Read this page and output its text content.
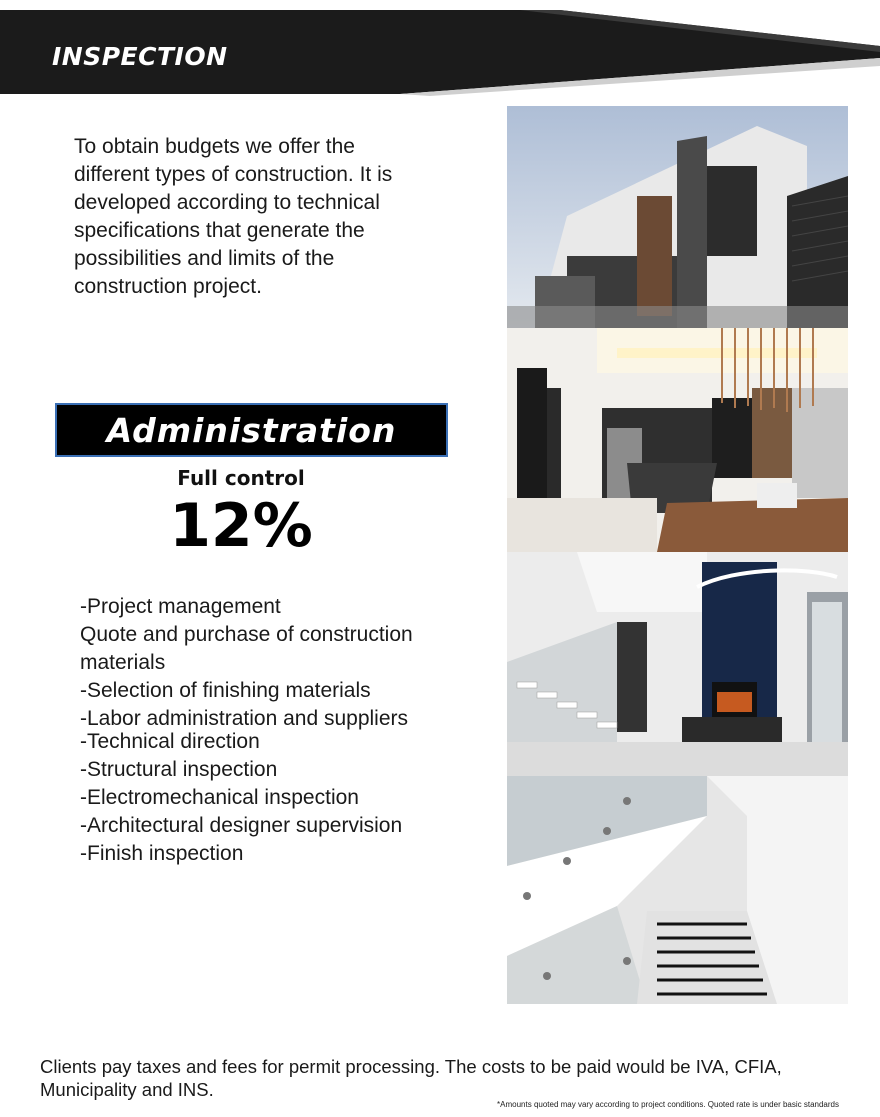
INSPECTION
To obtain budgets we offer the different types of construction. It is developed according to technical specifications that generate the possibilities and limits of the construction project.
Administration
Full control
12%
-Project management
Quote and purchase of construction materials
-Selection of finishing materials
-Labor administration and suppliers
-Technical direction
-Structural inspection
-Electromechanical inspection
-Architectural designer supervision
-Finish inspection
Clients pay taxes and fees for permit processing. The costs to be paid would be IVA, CFIA, Municipality and INS.
*Amounts quoted may vary according to project conditions. Quoted rate is under basic standards
